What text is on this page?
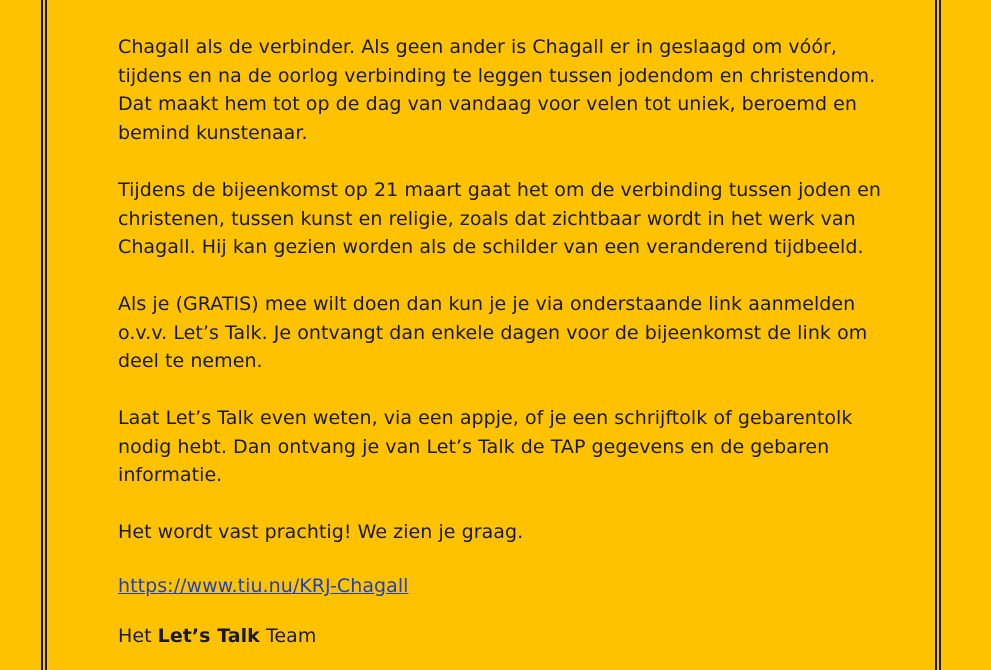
Chagall als de verbinder. Als geen ander is Chagall er in geslaagd om vóór,

tijdens en na de oorlog verbinding te leggen tussen jodendom en christendom.

Dat maakt hem tot op de dag van vandaag voor velen tot uniek, beroemd en

bemind kunstenaar.

Tijdens de bijeenkomst op 21 maart gaat het om de verbinding tussen joden en

christenen, tussen kunst en religie, zoals dat zichtbaar wordt in het werk van

Chagall. Hij kan gezien worden als de schilder van een veranderend tijdbeeld.

Als je (GRATIS) mee wilt doen dan kun je je via onderstaande link aanmelden

o.v.v. Let’s Talk. Je ontvangt dan enkele dagen voor de bijeenkomst de link om

deel te nemen.

Laat Let’s Talk even weten, via een appje, of je een schrijftolk of gebarentolk

nodig hebt. Dan ontvang je van Let’s Talk de TAP gegevens en de gebaren

informatie.

Het wordt vast prachtig! We zien je graag.

https://www.tiu.nu/KRJ-Chagall

Het Let’s Talk Team
